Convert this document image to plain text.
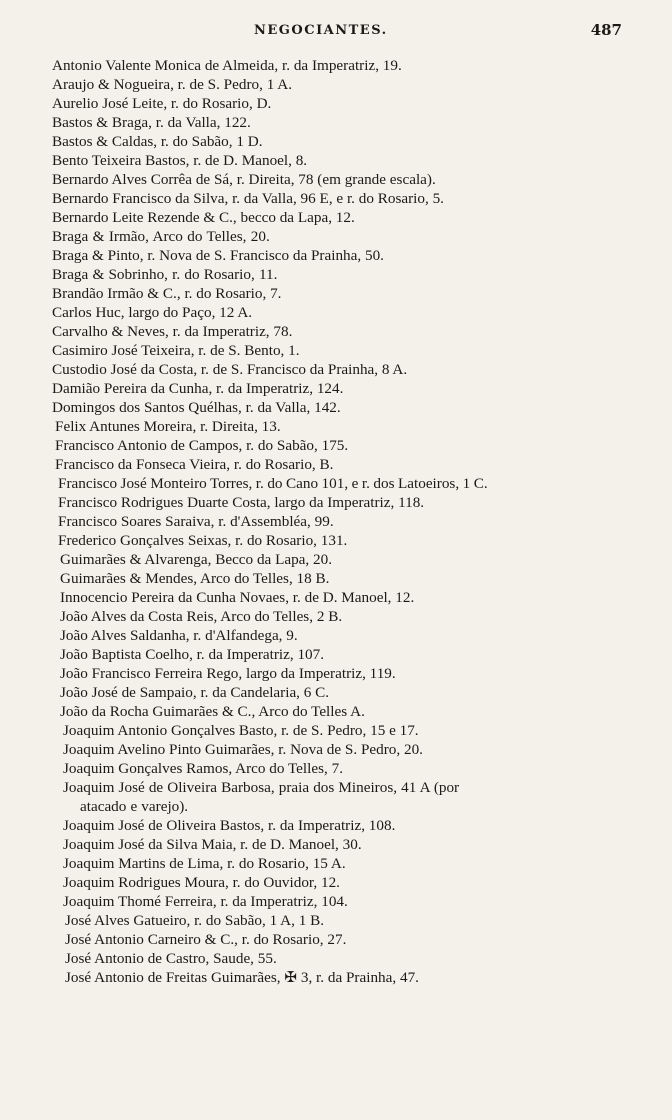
NEGOCIANTES.	487
Antonio Valente Monica de Almeida, r. da Imperatriz, 19.
Araujo & Nogueira, r. de S. Pedro, 1 A.
Aurelio José Leite, r. do Rosario, D.
Bastos & Braga, r. da Valla, 122.
Bastos & Caldas, r. do Sabão, 1 D.
Bento Teixeira Bastos, r. de D. Manoel, 8.
Bernardo Alves Corrêa de Sá, r. Direita, 78 (em grande escala).
Bernardo Francisco da Silva, r. da Valla, 96 E, e r. do Rosario, 5.
Bernardo Leite Rezende & C., becco da Lapa, 12.
Braga & Irmão, Arco do Telles, 20.
Braga & Pinto, r. Nova de S. Francisco da Prainha, 50.
Braga & Sobrinho, r. do Rosario, 11.
Brandão Irmão & C., r. do Rosario, 7.
Carlos Huc, largo do Paço, 12 A.
Carvalho & Neves, r. da Imperatriz, 78.
Casimiro José Teixeira, r. de S. Bento, 1.
Custodio José da Costa, r. de S. Francisco da Prainha, 8 A.
Damião Pereira da Cunha, r. da Imperatriz, 124.
Domingos dos Santos Quélhas, r. da Valla, 142.
Felix Antunes Moreira, r. Direita, 13.
Francisco Antonio de Campos, r. do Sabão, 175.
Francisco da Fonseca Vieira, r. do Rosario, B.
Francisco José Monteiro Torres, r. do Cano 101, e r. dos Latoeiros, 1 C.
Francisco Rodrigues Duarte Costa, largo da Imperatriz, 118.
Francisco Soares Saraiva, r. d'Assembléa, 99.
Frederico Gonçalves Seixas, r. do Rosario, 131.
Guimarães & Alvarenga, Becco da Lapa, 20.
Guimarães & Mendes, Arco do Telles, 18 B.
Innocencio Pereira da Cunha Novaes, r. de D. Manoel, 12.
João Alves da Costa Reis, Arco do Telles, 2 B.
João Alves Saldanha, r. d'Alfandega, 9.
João Baptista Coelho, r. da Imperatriz, 107.
João Francisco Ferreira Rego, largo da Imperatriz, 119.
João José de Sampaio, r. da Candelaria, 6 C.
João da Rocha Guimarães & C., Arco do Telles A.
Joaquim Antonio Gonçalves Basto, r. de S. Pedro, 15 e 17.
Joaquim Avelino Pinto Guimarães, r. Nova de S. Pedro, 20.
Joaquim Gonçalves Ramos, Arco do Telles, 7.
Joaquim José de Oliveira Barbosa, praia dos Mineiros, 41 A (por
atacado e varejo).
Joaquim José de Oliveira Bastos, r. da Imperatriz, 108.
Joaquim José da Silva Maia, r. de D. Manoel, 30.
Joaquim Martins de Lima, r. do Rosario, 15 A.
Joaquim Rodrigues Moura, r. do Ouvidor, 12.
Joaquim Thomé Ferreira, r. da Imperatriz, 104.
José Alves Gatueiro, r. do Sabão, 1 A, 1 B.
José Antonio Carneiro & C., r. do Rosario, 27.
José Antonio de Castro, Saude, 55.
José Antonio de Freitas Guimarães, ✠ 3, r. da Prainha, 47.
